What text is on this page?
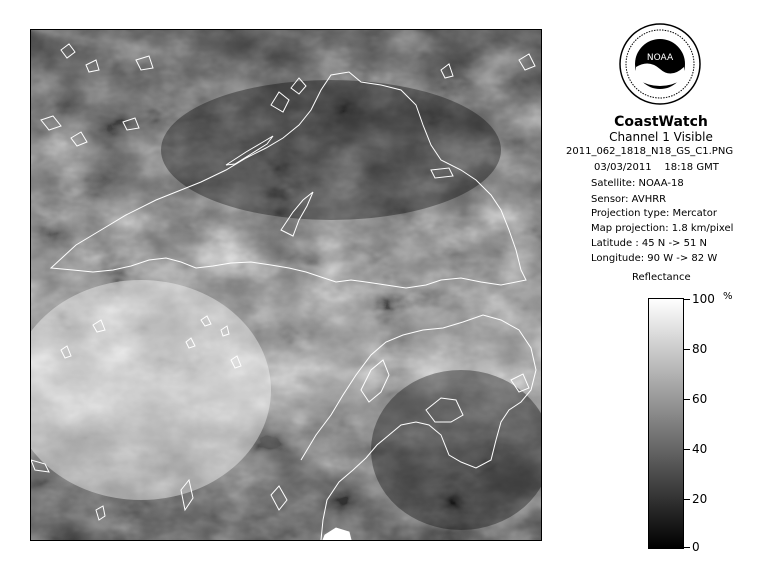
NOAA
CoastWatch
Channel 1 Visible
2011_062_1818_N18_GS_C1.PNG
03/03/2011    18:18 GMT
Satellite: NOAA-18
Sensor: AVHRR
Projection type: Mercator
Map projection: 1.8 km/pixel
Latitude : 45 N -> 51 N
Longitude: 90 W -> 82 W
Reflectance
%
100
80
60
40
20
0
